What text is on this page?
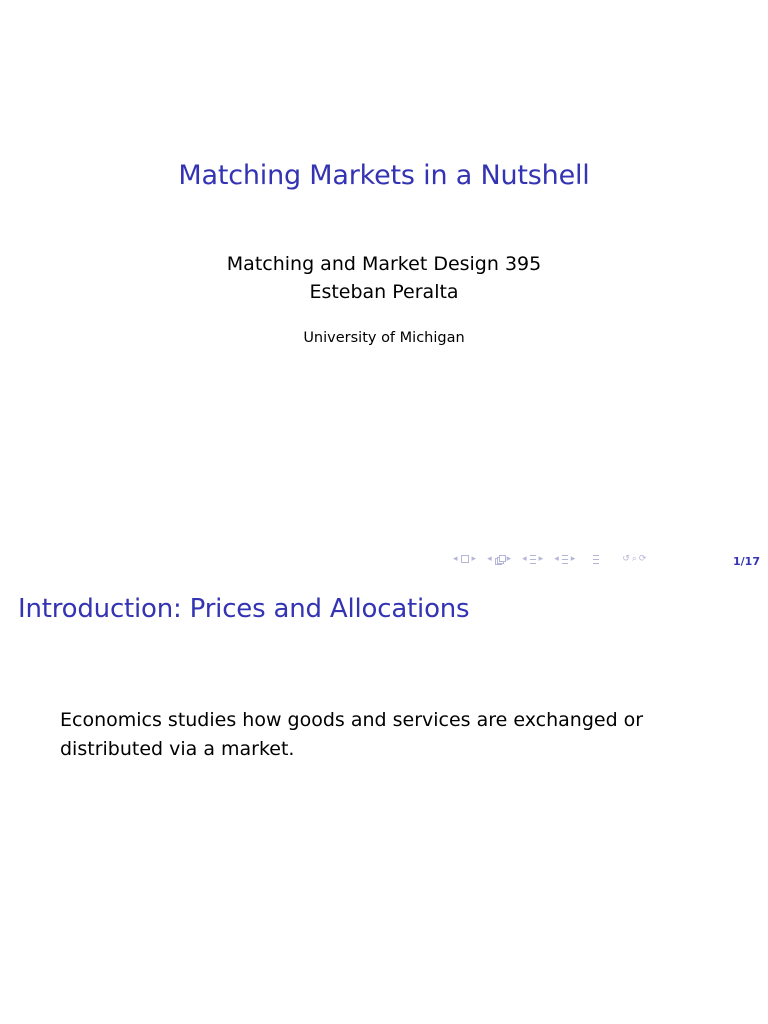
Matching Markets in a Nutshell
Matching and Market Design 395
Esteban Peralta
University of Michigan
◂ ▸ ◂ ▸ ◂ ▸ ◂ ▸	↺ ⌕ ⟳	1/17
Introduction: Prices and Allocations
Economics studies how goods and services are exchanged or
distributed via a market.
